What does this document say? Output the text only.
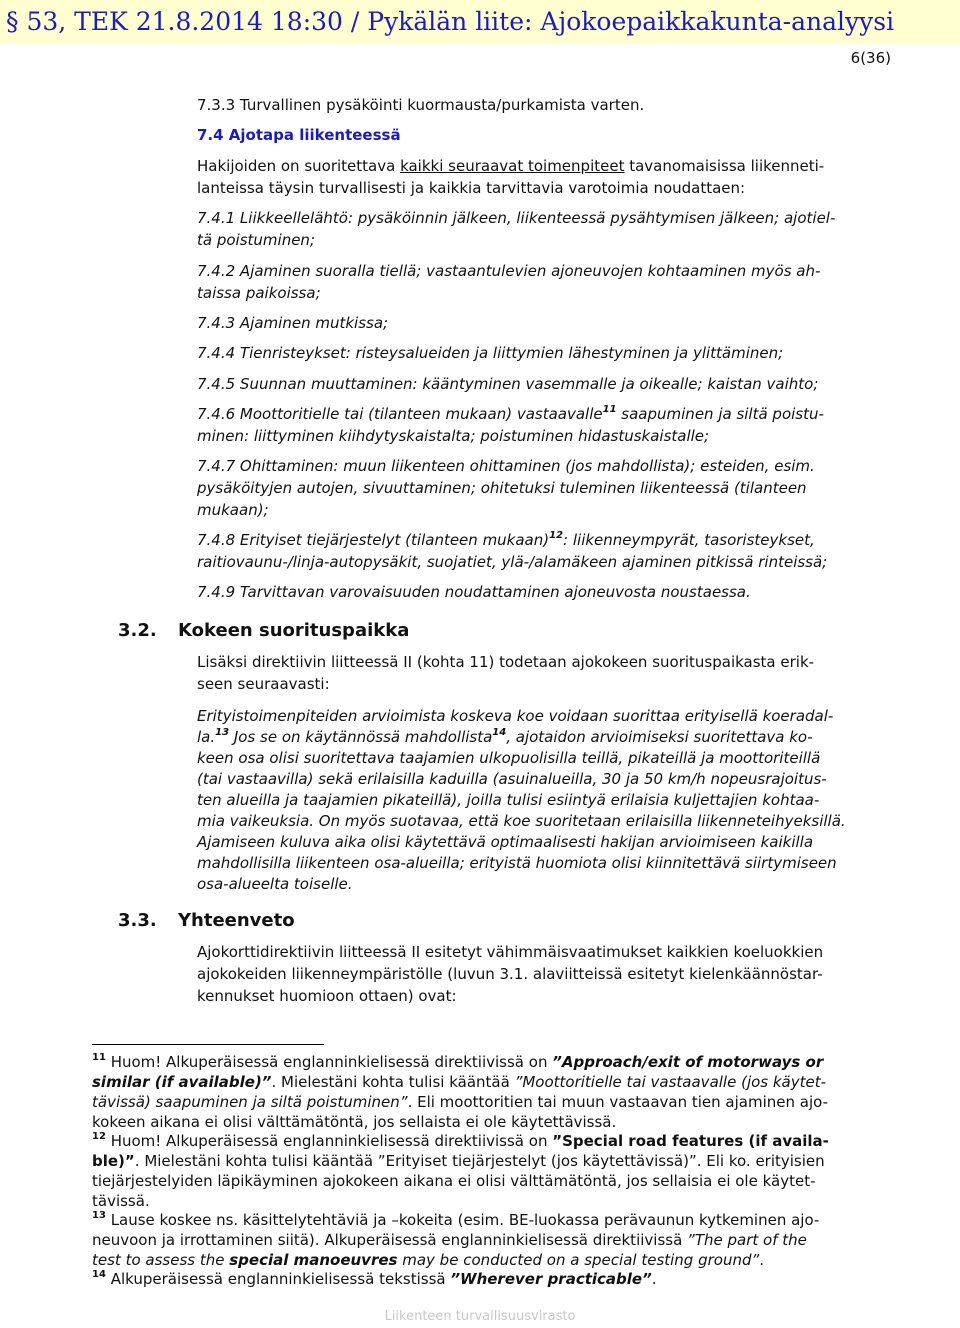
§ 53, TEK 21.8.2014 18:30 / Pykälän liite: Ajokoepaikkakunta-analyysi
6(36)
7.3.3 Turvallinen pysäköinti kuormausta/purkamista varten.
7.4 Ajotapa liikenteessä
Hakijoiden on suoritettava kaikki seuraavat toimenpiteet tavanomaisissa liikenneti-
lanteissa täysin turvallisesti ja kaikkia tarvittavia varotoimia noudattaen:
7.4.1 Liikkeellelähtö: pysäköinnin jälkeen, liikenteessä pysähtymisen jälkeen; ajotiel-
tä poistuminen;
7.4.2 Ajaminen suoralla tiellä; vastaantulevien ajoneuvojen kohtaaminen myös ah-
taissa paikoissa;
7.4.3 Ajaminen mutkissa;
7.4.4 Tienristeykset: risteysalueiden ja liittymien lähestyminen ja ylittäminen;
7.4.5 Suunnan muuttaminen: kääntyminen vasemmalle ja oikealle; kaistan vaihto;
7.4.6 Moottoritielle tai (tilanteen mukaan) vastaavalle$^{11}$ saapuminen ja siltä poistu-
minen: liittyminen kiihdytyskaistalta; poistuminen hidastuskaistalle;
7.4.7 Ohittaminen: muun liikenteen ohittaminen (jos mahdollista); esteiden, esim.
pysäköityjen autojen, sivuuttaminen; ohitetuksi tuleminen liikenteessä (tilanteen
mukaan);
7.4.8 Erityiset tiejärjestelyt (tilanteen mukaan)$^{12}$: liikenneympyrät, tasoristeykset,
raitiovaunu-/linja-autopysäkit, suojatiet, ylä-/alamäkeen ajaminen pitkissä rinteissä;
7.4.9 Tarvittavan varovaisuuden noudattaminen ajoneuvosta noustaessa.
3.2. Kokeen suorituspaikka
Lisäksi direktiivin liitteessä II (kohta 11) todetaan ajokokeen suorituspaikasta erik-
seen seuraavasti:
Erityistoimenpiteiden arvioimista koskeva koe voidaan suorittaa erityisellä koeradal-
la.$^{13}$ Jos se on käytännössä mahdollista$^{14}$, ajotaidon arvioimiseksi suoritettava ko-
keen osa olisi suoritettava taajamien ulkopuolisilla teillä, pikateillä ja moottoriteillä
(tai vastaavilla) sekä erilaisilla kaduilla (asuinalueilla, 30 ja 50 km/h nopeusrajoitus-
ten alueilla ja taajamien pikateillä), joilla tulisi esiintyä erilaisia kuljettajien kohtaa-
mia vaikeuksia. On myös suotavaa, että koe suoritetaan erilaisilla liikenneteihyeksillä.
Ajamiseen kuluva aika olisi käytettävä optimaalisesti hakijan arvioimiseen kaikilla
mahdollisilla liikenteen osa-alueilla; erityistä huomiota olisi kiinnitettävä siirtymiseen
osa-alueelta toiselle.
3.3. Yhteenveto
Ajokorttidirektiivin liitteessä II esitetyt vähimmäisvaatimukset kaikkien koeluokkien
ajokokeiden liikenneympäristölle (luvun 3.1. alaviitteissä esitetyt kielenkäännöstar-
kennukset huomioon ottaen) ovat:
$^{11}$ Huom! Alkuperäisessä englanninkielisessä direktiivissä on ”Approach/exit of motorways or
similar (if available)”. Mielestäni kohta tulisi kääntää ”Moottoritielle tai vastaavalle (jos käytet-
tävissä) saapuminen ja siltä poistuminen”. Eli moottoritien tai muun vastaavan tien ajaminen ajo-
kokeen aikana ei olisi välttämätöntä, jos sellaista ei ole käytettävissä.
$^{12}$ Huom! Alkuperäisessä englanninkielisessä direktiivissä on ”Special road features (if availa-
ble)”. Mielestäni kohta tulisi kääntää ”Erityiset tiejärjestelyt (jos käytettävissä)”. Eli ko. erityisien
tiejärjestelyiden läpikäyminen ajokokeen aikana ei olisi välttämätöntä, jos sellaisia ei ole käytet-
tävissä.
$^{13}$ Lause koskee ns. käsittelytehtäviä ja –kokeita (esim. BE-luokassa perävaunun kytkeminen ajo-
neuvoon ja irrottaminen siitä). Alkuperäisessä englanninkielisessä direktiivissä ”The part of the
test to assess the special manoeuvres may be conducted on a special testing ground”.
$^{14}$ Alkuperäisessä englanninkielisessä tekstissä ”Wherever practicable”.
Liikenteen turvallisuusvirasto
